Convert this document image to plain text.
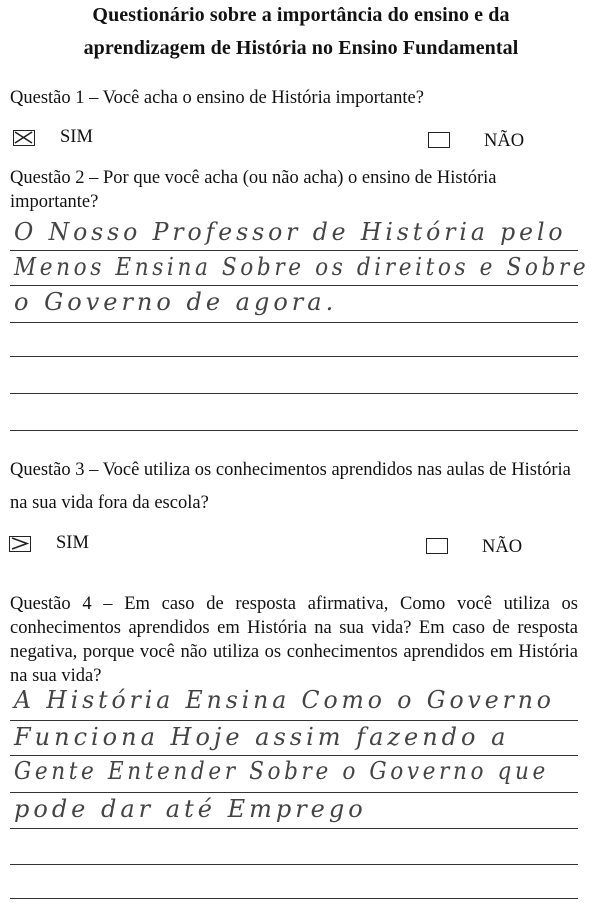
Questionário sobre a importância do ensino e da
aprendizagem de História no Ensino Fundamental
Questão 1 – Você acha o ensino de História importante?
SIM	NÃO
Questão 2 – Por que você acha (ou não acha) o ensino de História importante?
O Nosso Professor de História pelo
Menos Ensina Sobre os direitos e Sobre
o Governo de agora.
Questão 3 – Você utiliza os conhecimentos aprendidos nas aulas de História na sua vida fora da escola?
SIM	NÃO
Questão 4 – Em caso de resposta afirmativa, Como você utiliza os conhecimentos aprendidos em História na sua vida? Em caso de resposta negativa, porque você não utiliza os conhecimentos aprendidos em História na sua vida?
A História Ensina Como o Governo
Funciona Hoje assim fazendo a
Gente Entender Sobre o Governo que
pode dar até Emprego
